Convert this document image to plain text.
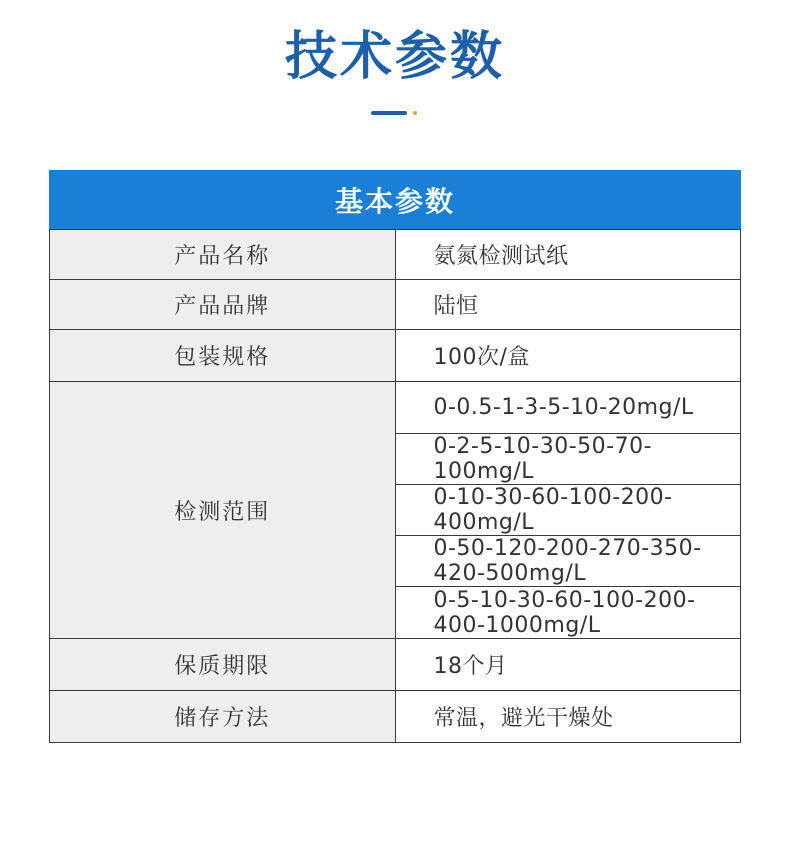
技术参数
基本参数	
产品名称	氨氮检测试纸
产品品牌	陆恒
包装规格	100次/盒
检测范围	0-0.5-1-3-5-10-20mg/L
	0-2-5-10-30-50-70-100mg/L
	0-10-30-60-100-200-400mg/L
	0-50-120-200-270-350-420-500mg/L
	0-5-10-30-60-100-200-400-1000mg/L
保质期限	18个月
储存方法	常温，避光干燥处
